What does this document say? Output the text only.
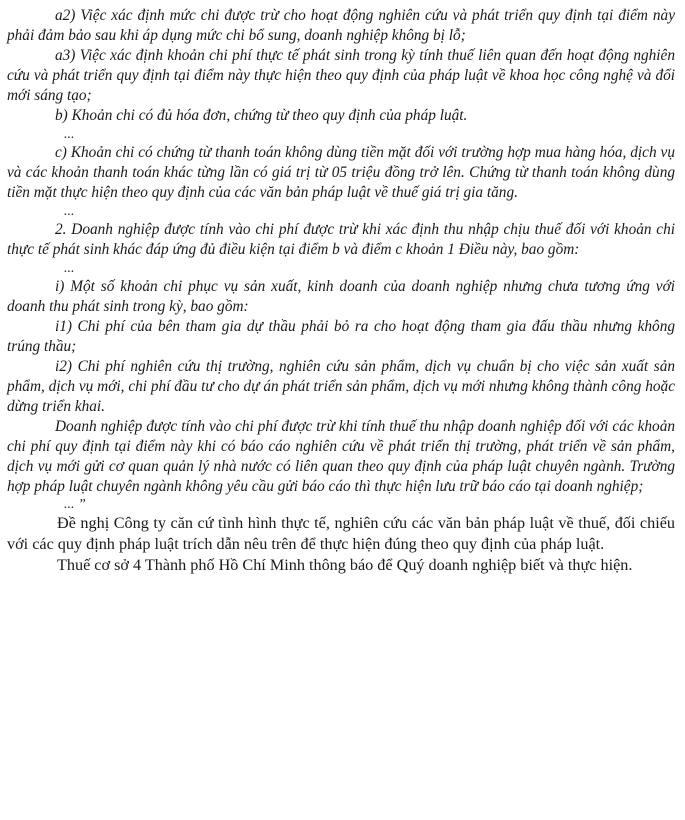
a2) Việc xác định mức chi được trừ cho hoạt động nghiên cứu và phát triển quy định tại điểm này phải đảm bảo sau khi áp dụng mức chi bổ sung, doanh nghiệp không bị lỗ;

a3) Việc xác định khoản chi phí thực tế phát sinh trong kỳ tính thuế liên quan đến hoạt động nghiên cứu và phát triển quy định tại điểm này thực hiện theo quy định của pháp luật về khoa học công nghệ và đổi mới sáng tạo;

b) Khoản chi có đủ hóa đơn, chứng từ theo quy định của pháp luật.

...

c) Khoản chi có chứng từ thanh toán không dùng tiền mặt đối với trường hợp mua hàng hóa, dịch vụ và các khoản thanh toán khác từng lần có giá trị từ 05 triệu đồng trở lên. Chứng từ thanh toán không dùng tiền mặt thực hiện theo quy định của các văn bản pháp luật về thuế giá trị gia tăng.

...

2. Doanh nghiệp được tính vào chi phí được trừ khi xác định thu nhập chịu thuế đối với khoản chi thực tế phát sinh khác đáp ứng đủ điều kiện tại điểm b và điểm c khoản 1 Điều này, bao gồm:

...

i) Một số khoản chi phục vụ sản xuất, kinh doanh của doanh nghiệp nhưng chưa tương ứng với doanh thu phát sinh trong kỳ, bao gồm:

i1) Chi phí của bên tham gia dự thầu phải bỏ ra cho hoạt động tham gia đấu thầu nhưng không trúng thầu;

i2) Chi phí nghiên cứu thị trường, nghiên cứu sản phẩm, dịch vụ chuẩn bị cho việc sản xuất sản phẩm, dịch vụ mới, chi phí đầu tư cho dự án phát triển sản phẩm, dịch vụ mới nhưng không thành công hoặc dừng triển khai.

Doanh nghiệp được tính vào chi phí được trừ khi tính thuế thu nhập doanh nghiệp đối với các khoản chi phí quy định tại điểm này khi có báo cáo nghiên cứu về phát triển thị trường, phát triển về sản phẩm, dịch vụ mới gửi cơ quan quản lý nhà nước có liên quan theo quy định của pháp luật chuyên ngành. Trường hợp pháp luật chuyên ngành không yêu cầu gửi báo cáo thì thực hiện lưu trữ báo cáo tại doanh nghiệp;

... ”

Đề nghị Công ty căn cứ tình hình thực tế, nghiên cứu các văn bản pháp luật về thuế, đối chiếu với các quy định pháp luật trích dẫn nêu trên để thực hiện đúng theo quy định của pháp luật.

Thuế cơ sở 4 Thành phố Hồ Chí Minh thông báo để Quý doanh nghiệp biết và thực hiện.
